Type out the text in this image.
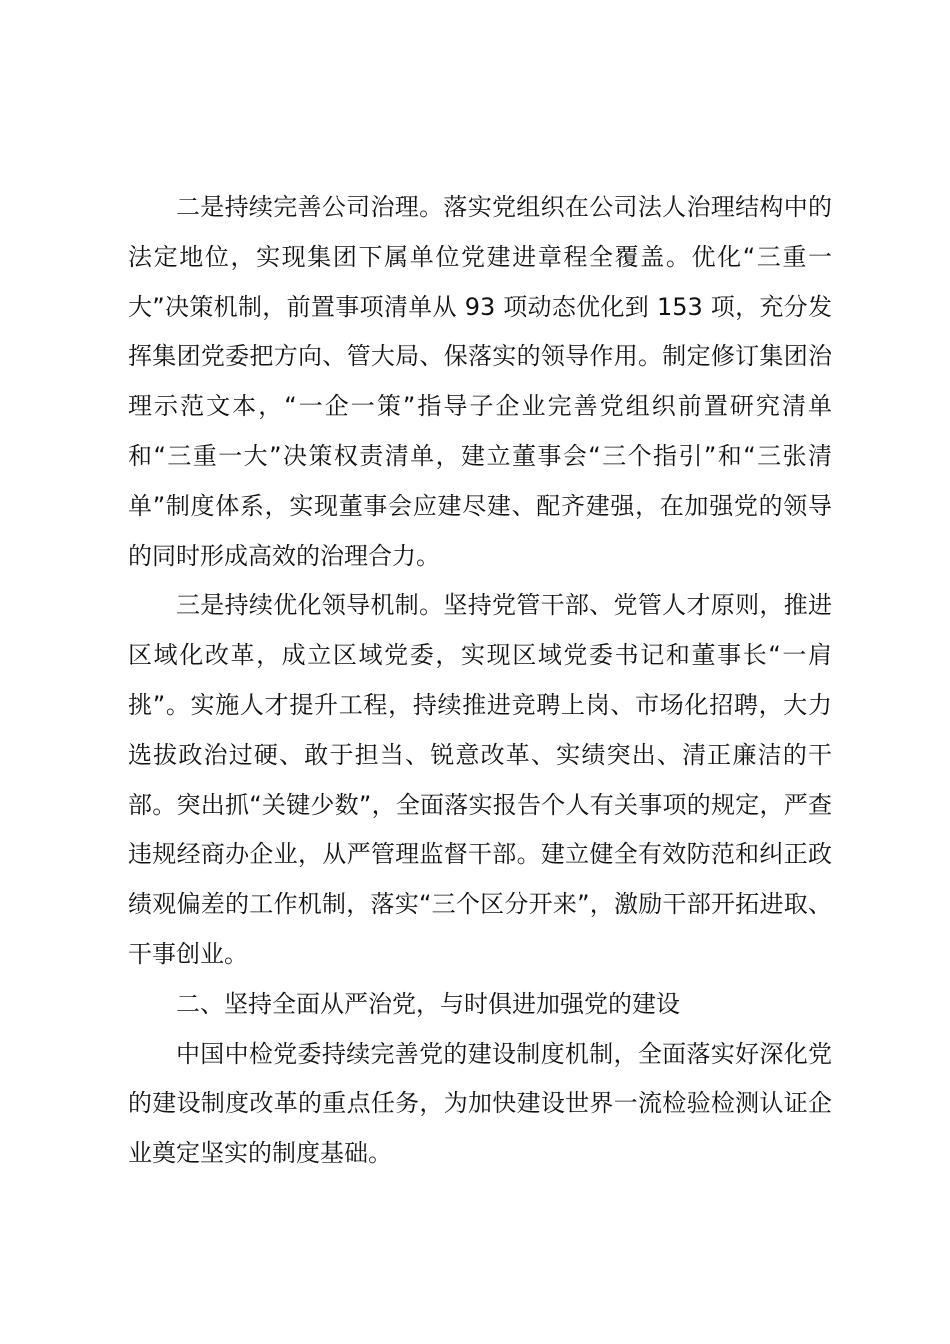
二是持续完善公司治理。落实党组织在公司法人治理结构中的法定地位，实现集团下属单位党建进章程全覆盖。优化“三重一大”决策机制，前置事项清单从 93 项动态优化到 153 项，充分发挥集团党委把方向、管大局、保落实的领导作用。制定修订集团治理示范文本，“一企一策”指导子企业完善党组织前置研究清单和“三重一大”决策权责清单，建立董事会“三个指引”和“三张清单”制度体系，实现董事会应建尽建、配齐建强，在加强党的领导的同时形成高效的治理合力。

三是持续优化领导机制。坚持党管干部、党管人才原则，推进区域化改革，成立区域党委，实现区域党委书记和董事长“一肩挑”。实施人才提升工程，持续推进竞聘上岗、市场化招聘，大力选拔政治过硬、敢于担当、锐意改革、实绩突出、清正廉洁的干部。突出抓“关键少数”，全面落实报告个人有关事项的规定，严查违规经商办企业，从严管理监督干部。建立健全有效防范和纠正政绩观偏差的工作机制，落实“三个区分开来”，激励干部开拓进取、干事创业。

二、坚持全面从严治党，与时俱进加强党的建设

中国中检党委持续完善党的建设制度机制，全面落实好深化党的建设制度改革的重点任务，为加快建设世界一流检验检测认证企业奠定坚实的制度基础。
